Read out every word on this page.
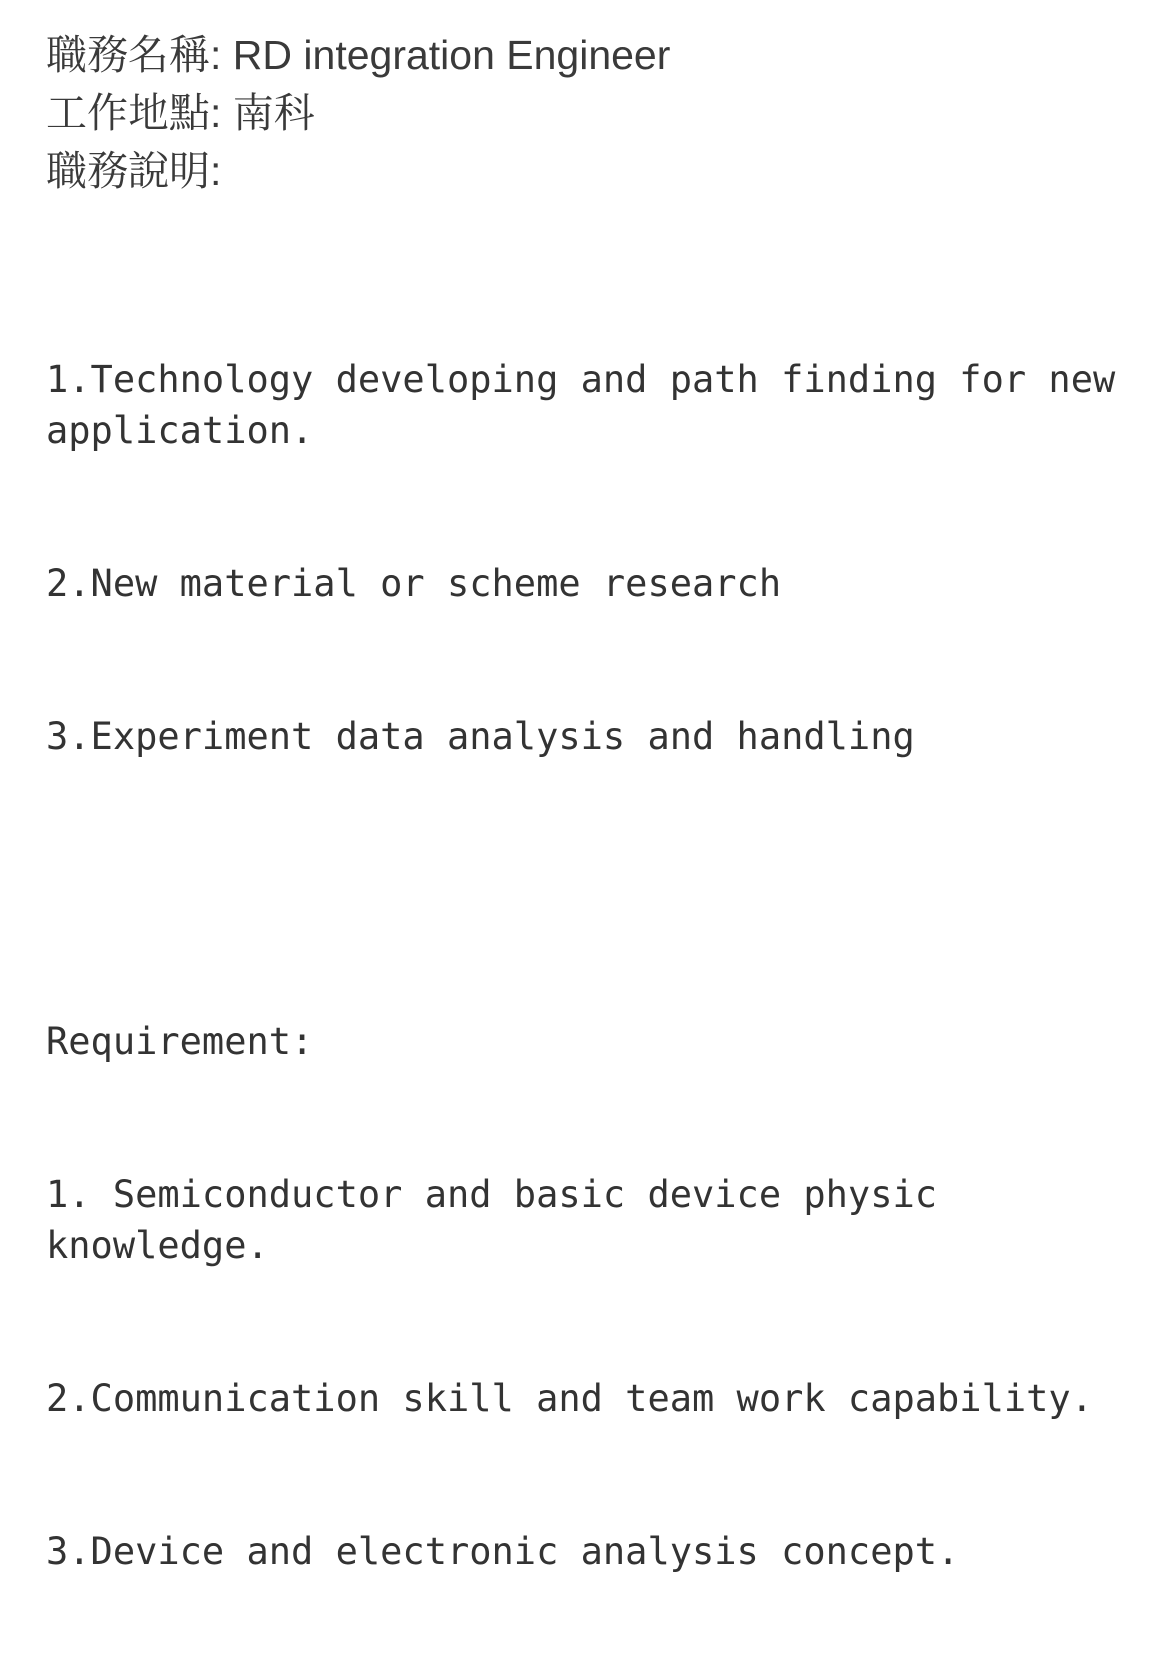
職務名稱: RD integration Engineer
工作地點: 南科
職務說明:

1.Technology developing and path finding for new application.

2.New material or scheme research

3.Experiment data analysis and handling

Requirement:

1. Semiconductor and basic device physic knowledge.

2.Communication skill and team work capability.

3.Device and electronic analysis concept.
